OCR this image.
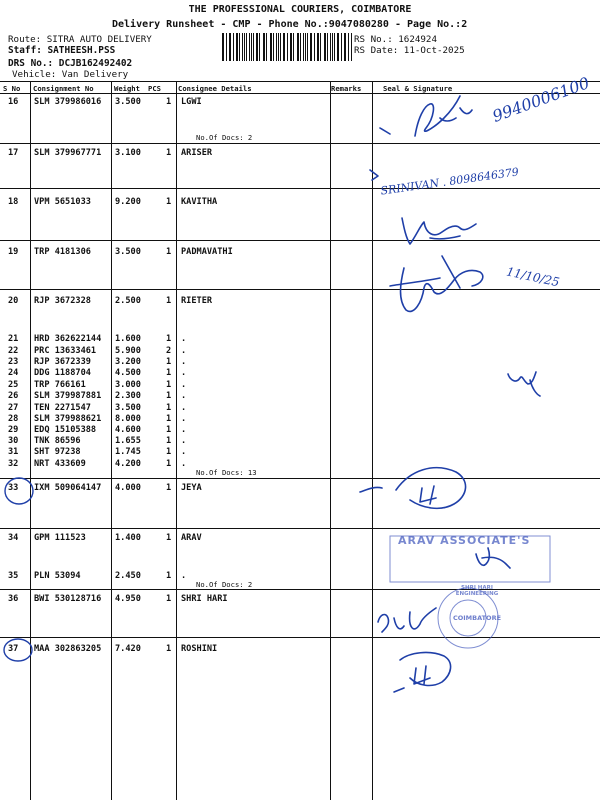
THE PROFESSIONAL COURIERS, COIMBATORE
Delivery Runsheet - CMP - Phone No.:9047080280 - Page No.:2
Route: SITRA AUTO DELIVERY
Staff: SATHEESH.PSS
DRS No.: DCJB162492402
Vehicle: Van Delivery
RS No.: 1624924
RS Date: 11-Oct-2025
S No Consignment No	Weight PCS Consignee Details	Remarks	Seal & Signature
16 SLM 379986016 3.500	1 LGWI
17 SLM 379967771 3.100	1 ARISER
18 VPM 5651033	9.200	1 KAVITHA
19 TRP 4181306	3.500	1 PADMAVATHI
20 RJP 3672328	2.500	1 RIETER
21 HRD 362622144 1.600	1 .
22 PRC 13633461 5.900	2 .
23 RJP 3672339	3.200	1 .
24 DDG 1188704	4.500	1 .
25 TRP 766161	3.000	1 .
26 SLM 379987881 2.300	1 .
27 TEN 2271547	3.500	1 .
28 SLM 379988621 8.000	1 .
29 EDQ 15105388 4.600	1 .
30 TNK 86596	1.655	1 .
31 SHT 97238	1.745	1 .
32 NRT 433609	4.200	1 .
33 IXM 509064147 4.000	1 JEYA
34 GPM 111523	1.400	1 ARAV
35 PLN 53094	2.450	1 .
36 BWI 530128716 4.950	1 SHRI HARI
37 MAA 302863205 7.420	1 ROSHINI
No.Of Docs: 2
No.Of Docs: 13
No.Of Docs: 2
9940006100
SRINIVAN . 8098646379
11/10/25
ARAV ASSOCIATE'S
SHRI HARI ENGINEERING
COIMBATORE
